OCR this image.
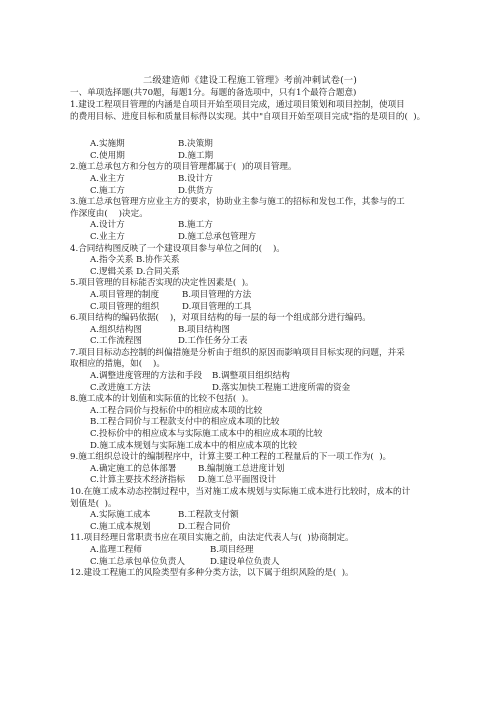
二级建造师《建设工程施工管理》考前冲刺试卷(一)
一、单项选择题(共70题，每题1分。每题的备选项中，只有1个最符合题意)
1.建设工程项目管理的内涵是自项目开始至项目完成，通过项目策划和项目控制，使项目
的费用目标、进度目标和质量目标得以实现。其中"自项目开始至项目完成"指的是项目的(  )。
A.实施期	B.决策期
C.使用期	D.施工期
2.施工总承包方和分包方的项目管理都属于(  )的项目管理。
A.业主方	B.设计方
C.施工方	D.供货方
3.施工总承包管理方应业主方的要求，协助业主参与施工的招标和发包工作，其参与的工
作深度由(    )决定。
A.设计方	B.施工方
C.业主方	D.施工总承包管理方
4.合同结构图反映了一个建设项目参与单位之间的(    )。
A.指令关系 B.协作关系
C.逻辑关系 D.合同关系
5.项目管理的目标能否实现的决定性因素是(  )。
A.项目管理的制度	B.项目管理的方法
C.项目管理的组织	D.项目管理的工具
6.项目结构的编码依据(    )，对项目结构的每一层的每一个组成部分进行编码。
A.组织结构图	B.项目结构图
C.工作流程图	D.工作任务分工表
7.项目目标动态控制的纠偏措施是分析由于组织的原因而影响项目目标实现的问题，并采
取相应的措施，如(    )。
A.调整进度管理的方法和手段	B.调整项目组织结构
C.改进施工方法	D.落实加快工程施工进度所需的资金
8.施工成本的计划值和实际值的比较不包括(  )。
A.工程合同价与投标价中的相应成本项的比较
B.工程合同价与工程款支付中的相应成本项的比较
C.投标价中的相应成本与实际施工成本中的相应成本项的比较
D.施工成本规划与实际施工成本中的相应成本项的比较
9.施工组织总设计的编制程序中，计算主要工种工程的工程量后的下一项工作为(  )。
A.确定施工的总体部署	B.编制施工总进度计划
C.计算主要技术经济指标	D.施工总平面图设计
10.在施工成本动态控制过程中，当对施工成本规划与实际施工成本进行比较时，成本的计
划值是(  )。
A.实际施工成本	B.工程款支付额
C.施工成本规划	D.工程合同价
11.项目经理日常职责书应在项目实施之前，由法定代表人与(  )协商制定。
A.监理工程师	B.项目经理
C.施工总承包单位负责人	D.建设单位负责人
12.建设工程施工的风险类型有多种分类方法，以下属于组织风险的是(  )。
